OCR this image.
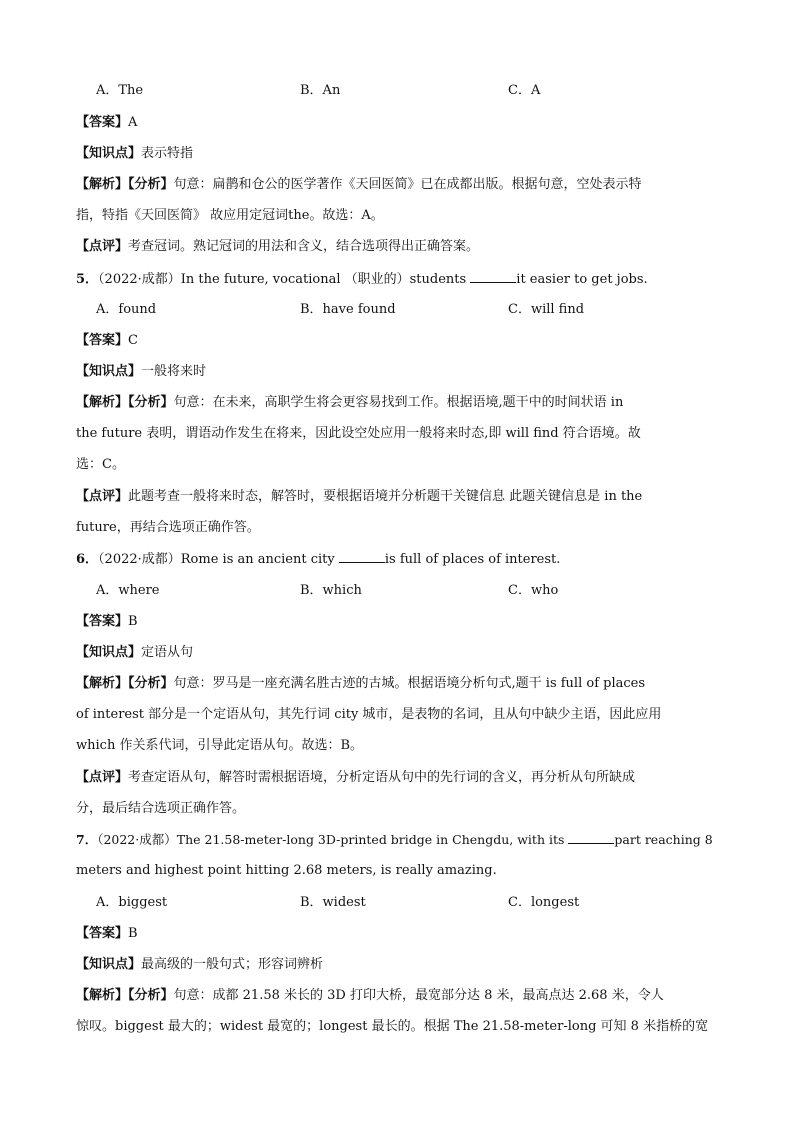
A．The	B．An	C．A
【答案】A
【知识点】表示特指
【解析】【分析】句意：扁鹊和仓公的医学著作《天回医简》已在成都出版。根据句意，空处表示特
指，特指《天回医简》 故应用定冠词the。故选：A。
【点评】考查冠词。熟记冠词的用法和含义，结合选项得出正确答案。
5．（2022·成都）In the future, vocational （职业的）students	it easier to get jobs.
A．found	B．have found	C．will find
【答案】C
【知识点】一般将来时
【解析】【分析】句意：在未来，高职学生将会更容易找到工作。根据语境,题干中的时间状语 in
the future 表明，谓语动作发生在将来，因此设空处应用一般将来时态,即 will find 符合语境。故
选：C。
【点评】此题考查一般将来时态，解答时，要根据语境并分析题干关键信息 此题关键信息是 in the
future，再结合选项正确作答。
6．（2022·成都）Rome is an ancient city	is full of places of interest.
A．where	B．which	C．who
【答案】B
【知识点】定语从句
【解析】【分析】句意：罗马是一座充满名胜古迹的古城。根据语境分析句式,题干 is full of places
of interest 部分是一个定语从句，其先行词 city 城市，是表物的名词，且从句中缺少主语，因此应用
which 作关系代词，引导此定语从句。故选：B。
【点评】考查定语从句，解答时需根据语境，分析定语从句中的先行词的含义，再分析从句所缺成
分，最后结合选项正确作答。
7．（2022·成都）The 21.58-meter-long 3D-printed bridge in Chengdu, with its	part reaching 8
meters and highest point hitting 2.68 meters, is really amazing.
A．biggest	B．widest	C．longest
【答案】B
【知识点】最高级的一般句式；形容词辨析
【解析】【分析】句意：成都 21.58 米长的 3D 打印大桥，最宽部分达 8 米，最高点达 2.68 米，令人
惊叹。biggest 最大的；widest 最宽的；longest 最长的。根据 The 21.58-meter-long 可知 8 米指桥的宽
